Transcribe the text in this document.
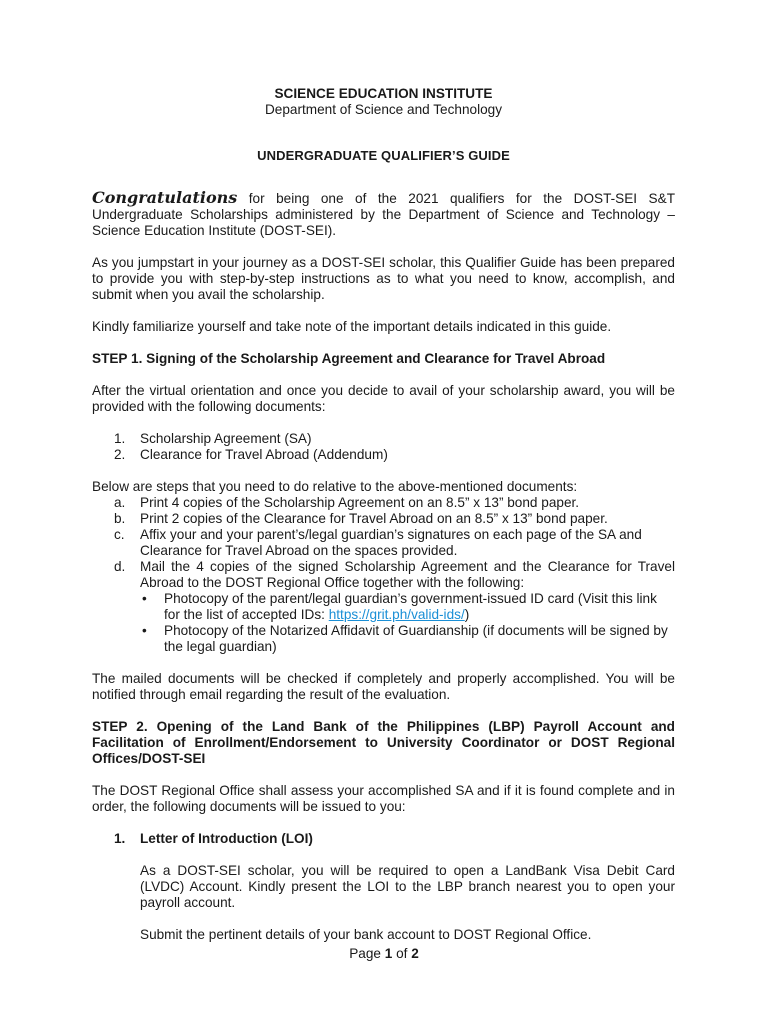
SCIENCE EDUCATION INSTITUTE

Department of Science and Technology

UNDERGRADUATE QUALIFIER’S GUIDE

Congratulations for being one of the 2021 qualifiers for the DOST-SEI S&T Undergraduate Scholarships administered by the Department of Science and Technology – Science Education Institute (DOST-SEI).

As you jumpstart in your journey as a DOST-SEI scholar, this Qualifier Guide has been prepared to provide you with step-by-step instructions as to what you need to know, accomplish, and submit when you avail the scholarship.

Kindly familiarize yourself and take note of the important details indicated in this guide.

STEP 1. Signing of the Scholarship Agreement and Clearance for Travel Abroad

After the virtual orientation and once you decide to avail of your scholarship award, you will be provided with the following documents:

1. Scholarship Agreement (SA)
2. Clearance for Travel Abroad (Addendum)

Below are steps that you need to do relative to the above-mentioned documents:

a. Print 4 copies of the Scholarship Agreement on an 8.5” x 13” bond paper.
b. Print 2 copies of the Clearance for Travel Abroad on an 8.5” x 13” bond paper.
c. Affix your and your parent’s/legal guardian’s signatures on each page of the SA and Clearance for Travel Abroad on the spaces provided.
d. Mail the 4 copies of the signed Scholarship Agreement and the Clearance for Travel Abroad to the DOST Regional Office together with the following:
• Photocopy of the parent/legal guardian’s government-issued ID card (Visit this link for the list of accepted IDs: https://grit.ph/valid-ids/)
• Photocopy of the Notarized Affidavit of Guardianship (if documents will be signed by the legal guardian)

The mailed documents will be checked if completely and properly accomplished. You will be notified through email regarding the result of the evaluation.

STEP 2. Opening of the Land Bank of the Philippines (LBP) Payroll Account and Facilitation of Enrollment/Endorsement to University Coordinator or DOST Regional Offices/DOST-SEI

The DOST Regional Office shall assess your accomplished SA and if it is found complete and in order, the following documents will be issued to you:

1. Letter of Introduction (LOI)

As a DOST-SEI scholar, you will be required to open a LandBank Visa Debit Card (LVDC) Account. Kindly present the LOI to the LBP branch nearest you to open your payroll account.

Submit the pertinent details of your bank account to DOST Regional Office.

Page 1 of 2
